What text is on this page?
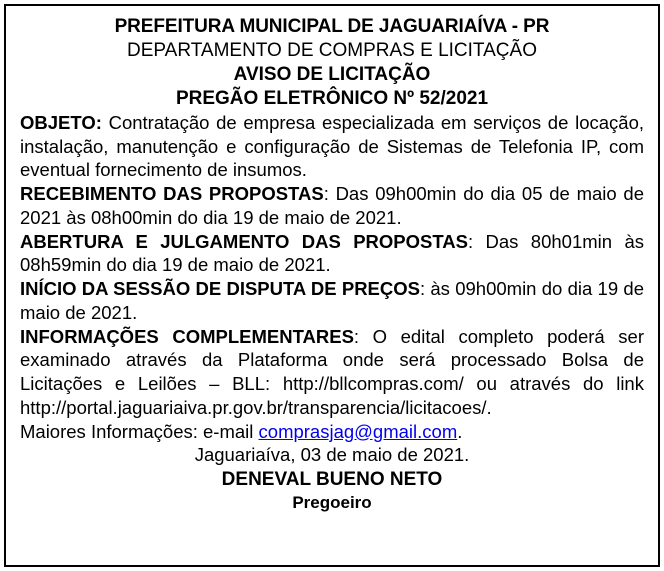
PREFEITURA MUNICIPAL DE JAGUARIAÍVA - PR
DEPARTAMENTO DE COMPRAS E LICITAÇÃO
AVISO DE LICITAÇÃO
PREGÃO ELETRÔNICO Nº 52/2021

OBJETO: Contratação de empresa especializada em serviços de locação, instalação, manutenção e configuração de Sistemas de Telefonia IP, com eventual fornecimento de insumos.

RECEBIMENTO DAS PROPOSTAS: Das 09h00min do dia 05 de maio de 2021 às 08h00min do dia 19 de maio de 2021.

ABERTURA E JULGAMENTO DAS PROPOSTAS: Das 80h01min às 08h59min do dia 19 de maio de 2021.

INÍCIO DA SESSÃO DE DISPUTA DE PREÇOS: às 09h00min do dia 19 de maio de 2021.

INFORMAÇÕES COMPLEMENTARES: O edital completo poderá ser examinado através da Plataforma onde será processado Bolsa de Licitações e Leilões – BLL: http://bllcompras.com/ ou através do link http://portal.jaguariaiva.pr.gov.br/transparencia/licitacoes/.

Maiores Informações: e-mail comprasjag@gmail.com.

Jaguariaíva, 03 de maio de 2021.
DENEVAL BUENO NETO
Pregoeiro
